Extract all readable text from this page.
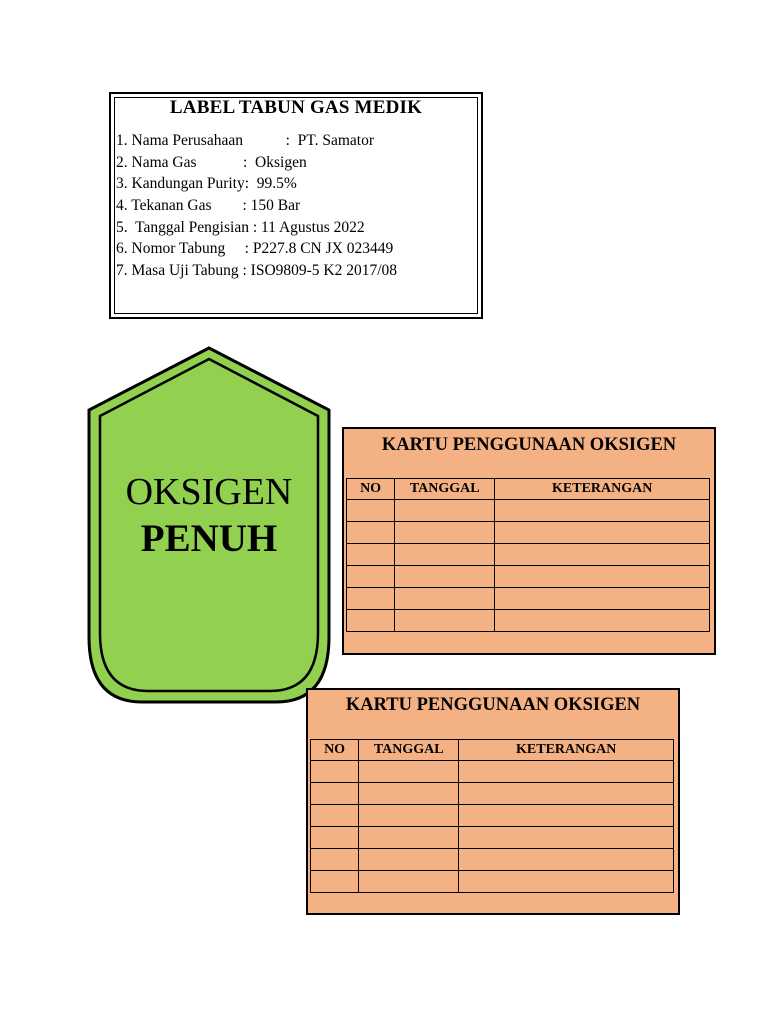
LABEL TABUN GAS MEDIK
1. Nama Perusahaan           :  PT. Samator
2. Nama Gas            :  Oksigen
3. Kandungan Purity:  99.5%
4. Tekanan Gas        : 150 Bar
5.  Tanggal Pengisian : 11 Agustus 2022
6. Nomor Tabung     : P227.8 CN JX 023449
7. Masa Uji Tabung : ISO9809-5 K2 2017/08
OKSIGEN
PENUH
KARTU PENGGUNAAN OKSIGEN
NO	TANGGAL	KETERANGAN

KARTU PENGGUNAAN OKSIGEN
NO	TANGGAL	KETERANGAN
